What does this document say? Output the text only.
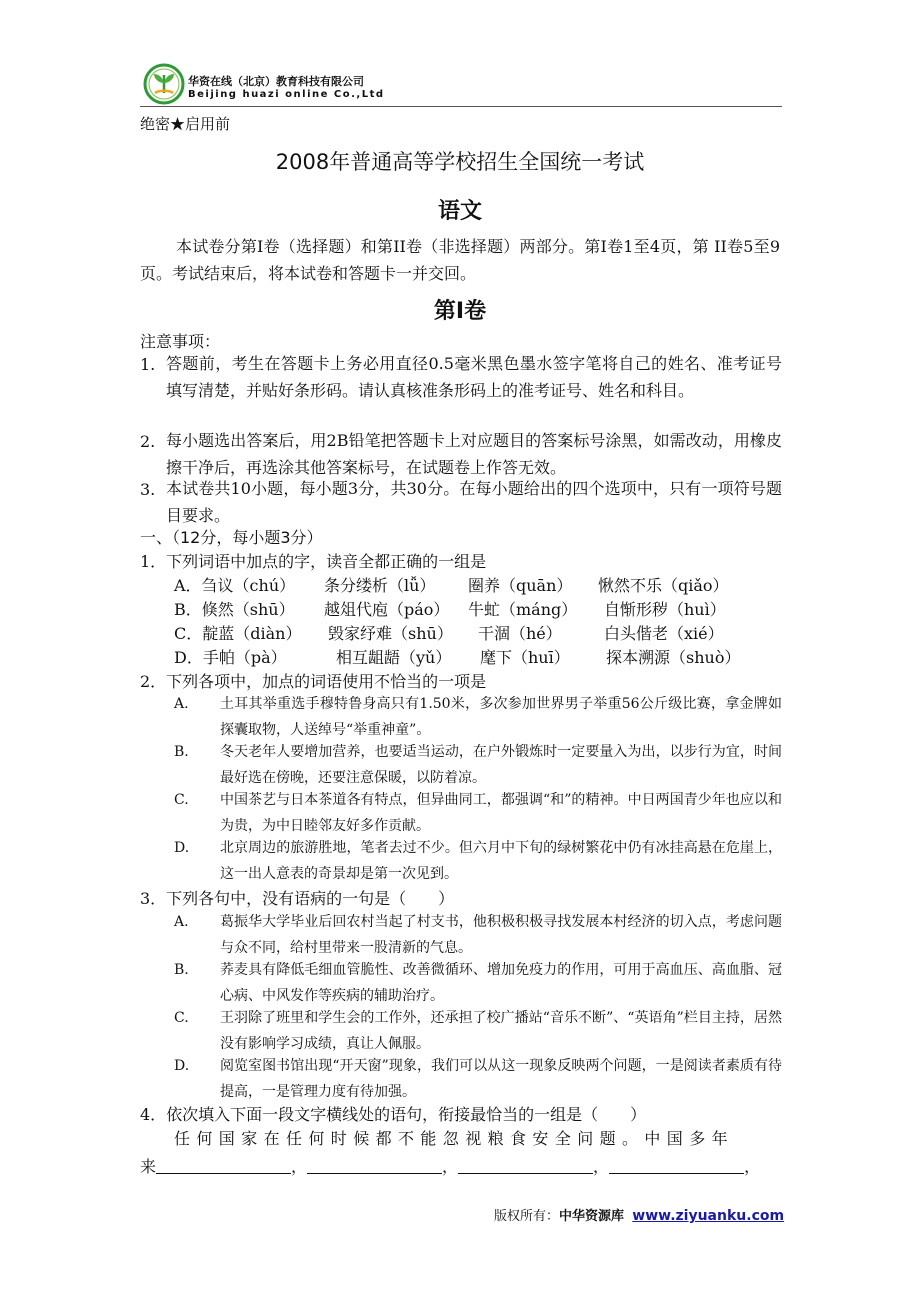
华资在线（北京）教育科技有限公司
Beijing huazi online Co.,Ltd
绝密★启用前
2008年普通高等学校招生全国统一考试
语文
本试卷分第Ⅰ卷（选择题）和第II卷（非选择题）两部分。第Ⅰ卷1至4页，第 II卷5至9页。考试结束后，将本试卷和答题卡一并交回。
第Ⅰ卷
注意事项：
1. 答题前，考生在答题卡上务必用直径0.5毫米黑色墨水签字笔将自己的姓名、准考证号填写清楚，并贴好条形码。请认真核准条形码上的准考证号、姓名和科目。
2. 每小题选出答案后，用2B铅笔把答题卡上对应题目的答案标号涂黑，如需改动，用橡皮擦干净后，再选涂其他答案标号，在试题卷上作答无效。
3. 本试卷共10小题，每小题3分，共30分。在每小题给出的四个选项中，只有一项符号题目要求。
一、（12分，每小题3分）
1．下列词语中加点的字，读音全都正确的一组是
A．刍议（chú） 条分缕析（lǚ） 圈养（quān） 愀然不乐（qiǎo）
B．倏然（shū） 越俎代庖（páo） 牛虻（máng） 自惭形秽（huì）
C．靛蓝（diàn） 毁家纾难（shū） 干涸（hé）	白头偕老（xié）
D．手帕（pà）	相互龃龉（yǔ） 麾下（huī） 探本溯源（shuò）
2．下列各项中，加点的词语使用不恰当的一项是
A. 土耳其举重选手穆特鲁身高只有1.50米，多次参加世界男子举重56公斤级比赛，拿金牌如探囊取物，人送绰号“举重神童”。
B. 冬天老年人要增加营养，也要适当运动，在户外锻炼时一定要量入为出，以步行为宜，时间最好选在傍晚，还要注意保暖，以防着凉。
C. 中国茶艺与日本茶道各有特点，但异曲同工，都强调“和”的精神。中日两国青少年也应以和为贵，为中日睦邻友好多作贡献。
D. 北京周边的旅游胜地，笔者去过不少。但六月中下旬的绿树繁花中仍有冰挂高悬在危崖上，这一出人意表的奇景却是第一次见到。
3．下列各句中，没有语病的一句是（　　）
A. 葛振华大学毕业后回农村当起了村支书，他积极积极寻找发展本村经济的切入点，考虑问题与众不同，给村里带来一股清新的气息。
B. 荞麦具有降低毛细血管脆性、改善微循环、增加免疫力的作用，可用于高血压、高血脂、冠心病、中风发作等疾病的辅助治疗。
C. 王羽除了班里和学生会的工作外，还承担了校广播站“音乐不断”、“英语角”栏目主持，居然没有影响学习成绩，真让人佩服。
D. 阅览室图书馆出现“开天窗”现象，我们可以从这一现象反映两个问题，一是阅读者素质有待提高，一是管理力度有待加强。
4．依次填入下面一段文字横线处的语句，衔接最恰当的一组是（　　）
任何国家在任何时候都不能忽视粮食安全问题。中国多年
来	，	，	，	，
版权所有：中华资源库 www.ziyuanku.com
